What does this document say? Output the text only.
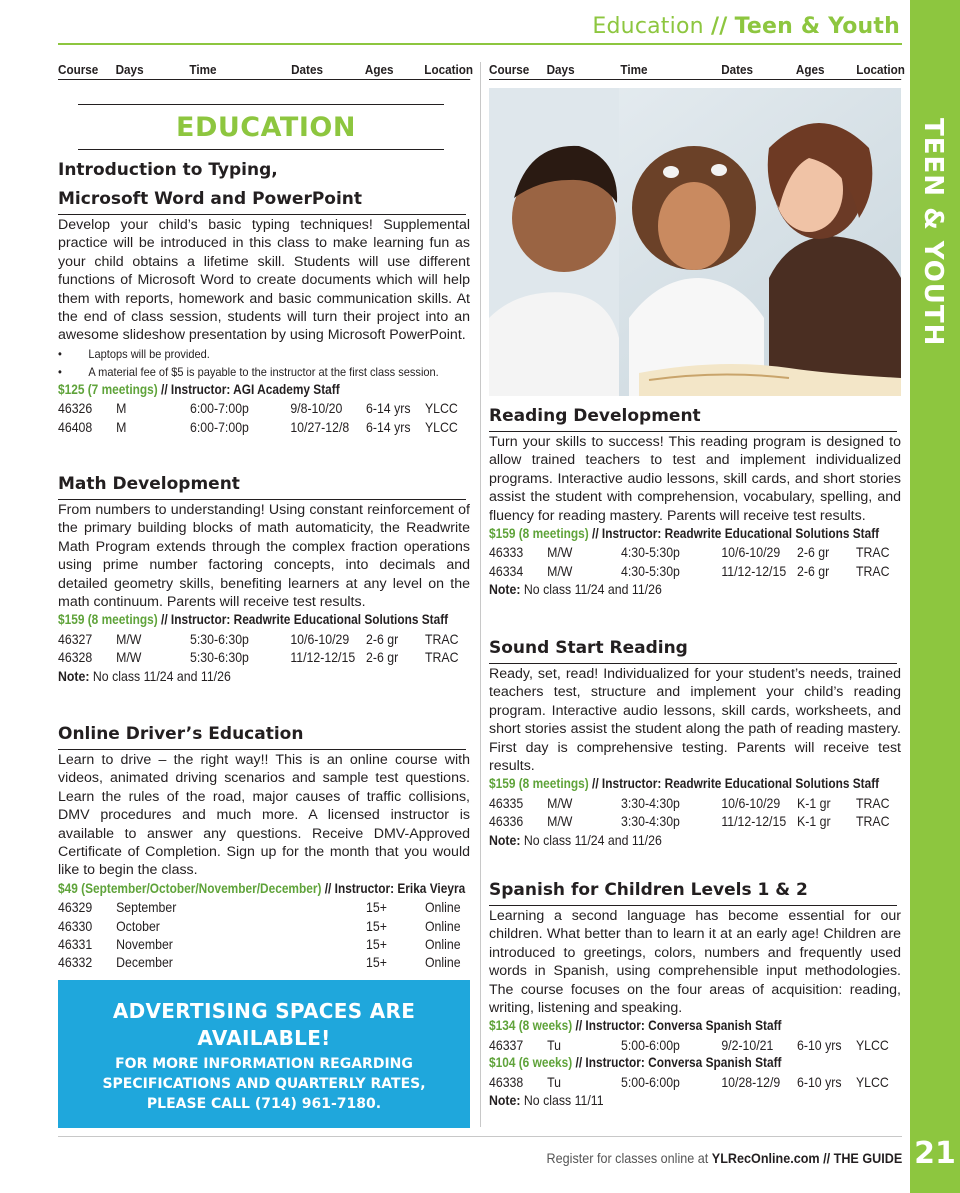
Education // Teen & Youth
TEEN & YOUTH
21
Course Days	Time	Dates	Ages Location Course Days	Time	Dates	Ages Location
EDUCATION
Introduction to Typing,
Microsoft Word and PowerPoint
Develop your child’s basic typing techniques! Supplemental practice will be introduced in this class to make learning fun as your child obtains a lifetime skill. Students will use different functions of Microsoft Word to create documents which will help them with reports, homework and basic communication skills. At the end of class session, students will turn their project into an awesome slideshow presentation by using Microsoft PowerPoint.
• Laptops will be provided.
• A material fee of $5 is payable to the instructor at the first class session.
$125 (7 meetings) // Instructor: AGI Academy Staff
46326 M	6:00-7:00p	9/8-10/20 6-14 yrs YLCC
46408 M	6:00-7:00p	10/27-12/8 6-14 yrs YLCC
Math Development
From numbers to understanding! Using constant reinforcement of the primary building blocks of math automaticity, the Readwrite Math Program extends through the complex fraction operations using prime number factoring concepts, into decimals and detailed geometry skills, benefiting learners at any level on the math continuum. Parents will receive test results.
$159 (8 meetings) // Instructor: Readwrite Educational Solutions Staff
46327 M/W	5:30-6:30p	10/6-10/29 2-6 gr TRAC
46328 M/W	5:30-6:30p	11/12-12/15 2-6 gr TRAC
Note: No class 11/24 and 11/26
Online Driver’s Education
Learn to drive – the right way!! This is an online course with videos, animated driving scenarios and sample test questions. Learn the rules of the road, major causes of traffic collisions, DMV procedures and much more. A licensed instructor is available to answer any questions. Receive DMV-Approved Certificate of Completion. Sign up for the month that you would like to begin the class.
$49 (September/October/November/December) // Instructor: Erika Vieyra
46329 September	15+	Online
46330 October	15+	Online
46331 November	15+	Online
46332 December	15+	Online
ADVERTISING SPACES ARE
AVAILABLE!
FOR MORE INFORMATION REGARDING
SPECIFICATIONS AND QUARTERLY RATES,
PLEASE CALL (714) 961-7180.
Reading Development
Turn your skills to success! This reading program is designed to allow trained teachers to test and implement individualized programs. Interactive audio lessons, skill cards, and short stories assist the student with comprehension, vocabulary, spelling, and fluency for reading mastery. Parents will receive test results.
$159 (8 meetings) // Instructor: Readwrite Educational Solutions Staff
46333 M/W	4:30-5:30p	10/6-10/29 2-6 gr TRAC
46334 M/W	4:30-5:30p	11/12-12/15 2-6 gr TRAC
Note: No class 11/24 and 11/26
Sound Start Reading
Ready, set, read! Individualized for your student’s needs, trained teachers test, structure and implement your child’s reading program. Interactive audio lessons, skill cards, worksheets, and short stories assist the student along the path of reading mastery. First day is comprehensive testing. Parents will receive test results.
$159 (8 meetings) // Instructor: Readwrite Educational Solutions Staff
46335 M/W	3:30-4:30p	10/6-10/29 K-1 gr TRAC
46336 M/W	3:30-4:30p	11/12-12/15 K-1 gr TRAC
Note: No class 11/24 and 11/26
Spanish for Children Levels 1 & 2
Learning a second language has become essential for our children. What better than to learn it at an early age! Children are introduced to greetings, colors, numbers and frequently used words in Spanish, using comprehensible input methodologies. The course focuses on the four areas of acquisition: reading, writing, listening and speaking.
$134 (8 weeks) // Instructor: Conversa Spanish Staff
46337 Tu	5:00-6:00p	9/2-10/21 6-10 yrs YLCC
$104 (6 weeks) // Instructor: Conversa Spanish Staff
46338 Tu	5:00-6:00p	10/28-12/9 6-10 yrs YLCC
Note: No class 11/11
Register for classes online at YLRecOnline.com // THE GUIDE
